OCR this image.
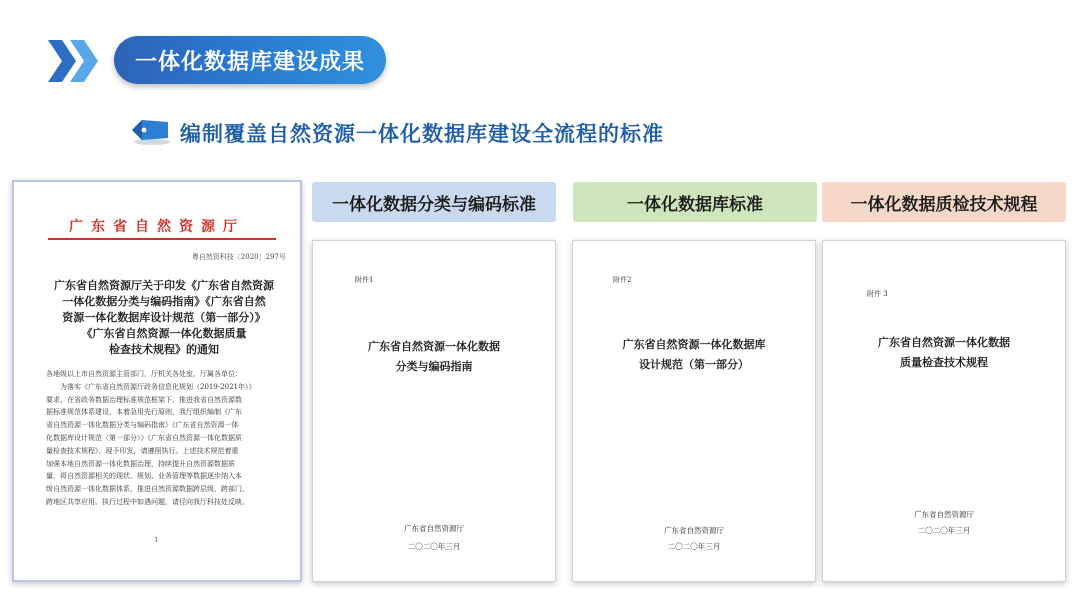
一体化数据库建设成果
编制覆盖自然资源一体化数据库建设全流程的标准
广东省自然资源厅
粤自然资科技〔2020〕297号
广东省自然资源厅关于印发《广东省自然资源
一体化数据分类与编码指南》《广东省自然
资源一体化数据库设计规范（第一部分）》
《广东省自然资源一体化数据质量
检查技术规程》的通知

各地级以上市自然资源主管部门，厅机关各处室、厅属各单位：

为落实《广东省自然资源厅政务信息化规划（2019-2021年）》

要求，在省政务数据治理标准规范框架下，推进我省自然资源数

据标准规范体系建设，本着急用先行原则，我厅组织编制《广东

省自然资源一体化数据分类与编码指南》《广东省自然资源一体

化数据库设计规范（第一部分）》《广东省自然资源一体化数据质

量检查技术规程》，现予印发，请遵照执行。上述技术规范着重

加强本地自然资源一体化数据治理，持续提升自然资源数据质

量，将自然资源相关的现状、规划、业务管理等数据逐步纳入本

级自然资源一体化数据体系，推进自然资源数据跨层级、跨部门、

跨地区共享应用。执行过程中如遇问题，请径向我厅科技处反映。

1
一体化数据分类与编码标准	一体化数据库标准	一体化数据质检技术规程
附件1
广东省自然资源一体化数据
分类与编码指南
广东省自然资源厅
二〇二〇年三月
附件2
广东省自然资源一体化数据库
设计规范（第一部分）
广东省自然资源厅
二〇二〇年三月
附件 3
广东省自然资源一体化数据
质量检查技术规程
广东省自然资源厅
二〇二〇年三月
